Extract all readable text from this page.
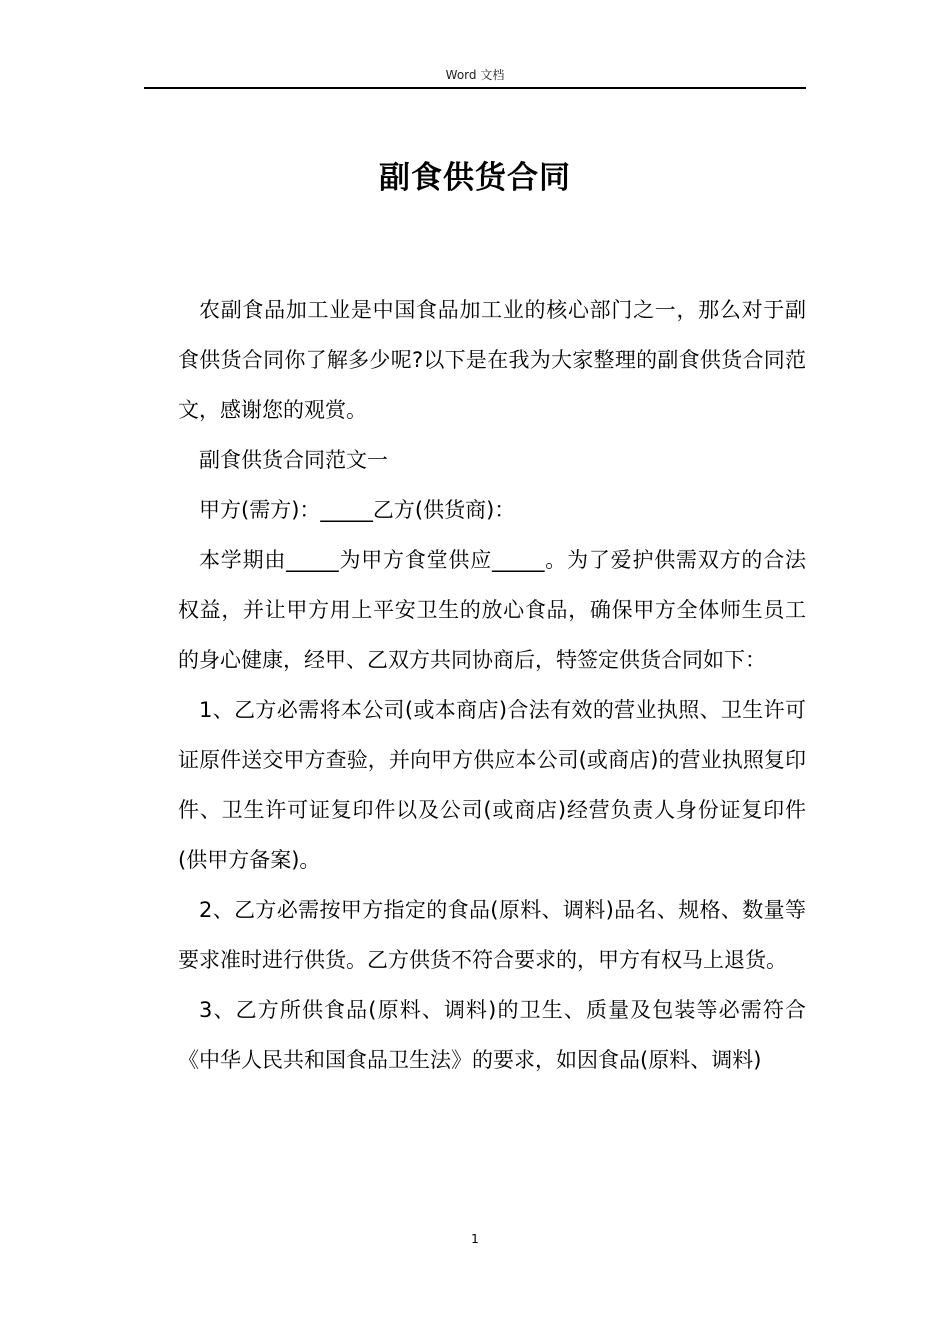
Word 文档
副食供货合同

农副食品加工业是中国食品加工业的核心部门之一，那么对于副食供货合同你了解多少呢?以下是在我为大家整理的副食供货合同范文，感谢您的观赏。

副食供货合同范文一

甲方(需方)：_____乙方(供货商)：

本学期由_____为甲方食堂供应_____。为了爱护供需双方的合法权益，并让甲方用上平安卫生的放心食品，确保甲方全体师生员工的身心健康，经甲、乙双方共同协商后，特签定供货合同如下：

1、乙方必需将本公司(或本商店)合法有效的营业执照、卫生许可证原件送交甲方查验，并向甲方供应本公司(或商店)的营业执照复印件、卫生许可证复印件以及公司(或商店)经营负责人身份证复印件(供甲方备案)。

2、乙方必需按甲方指定的食品(原料、调料)品名、规格、数量等要求准时进行供货。乙方供货不符合要求的，甲方有权马上退货。

3、乙方所供食品(原料、调料)的卫生、质量及包装等必需符合《中华人民共和国食品卫生法》的要求，如因食品(原料、调料)

1
